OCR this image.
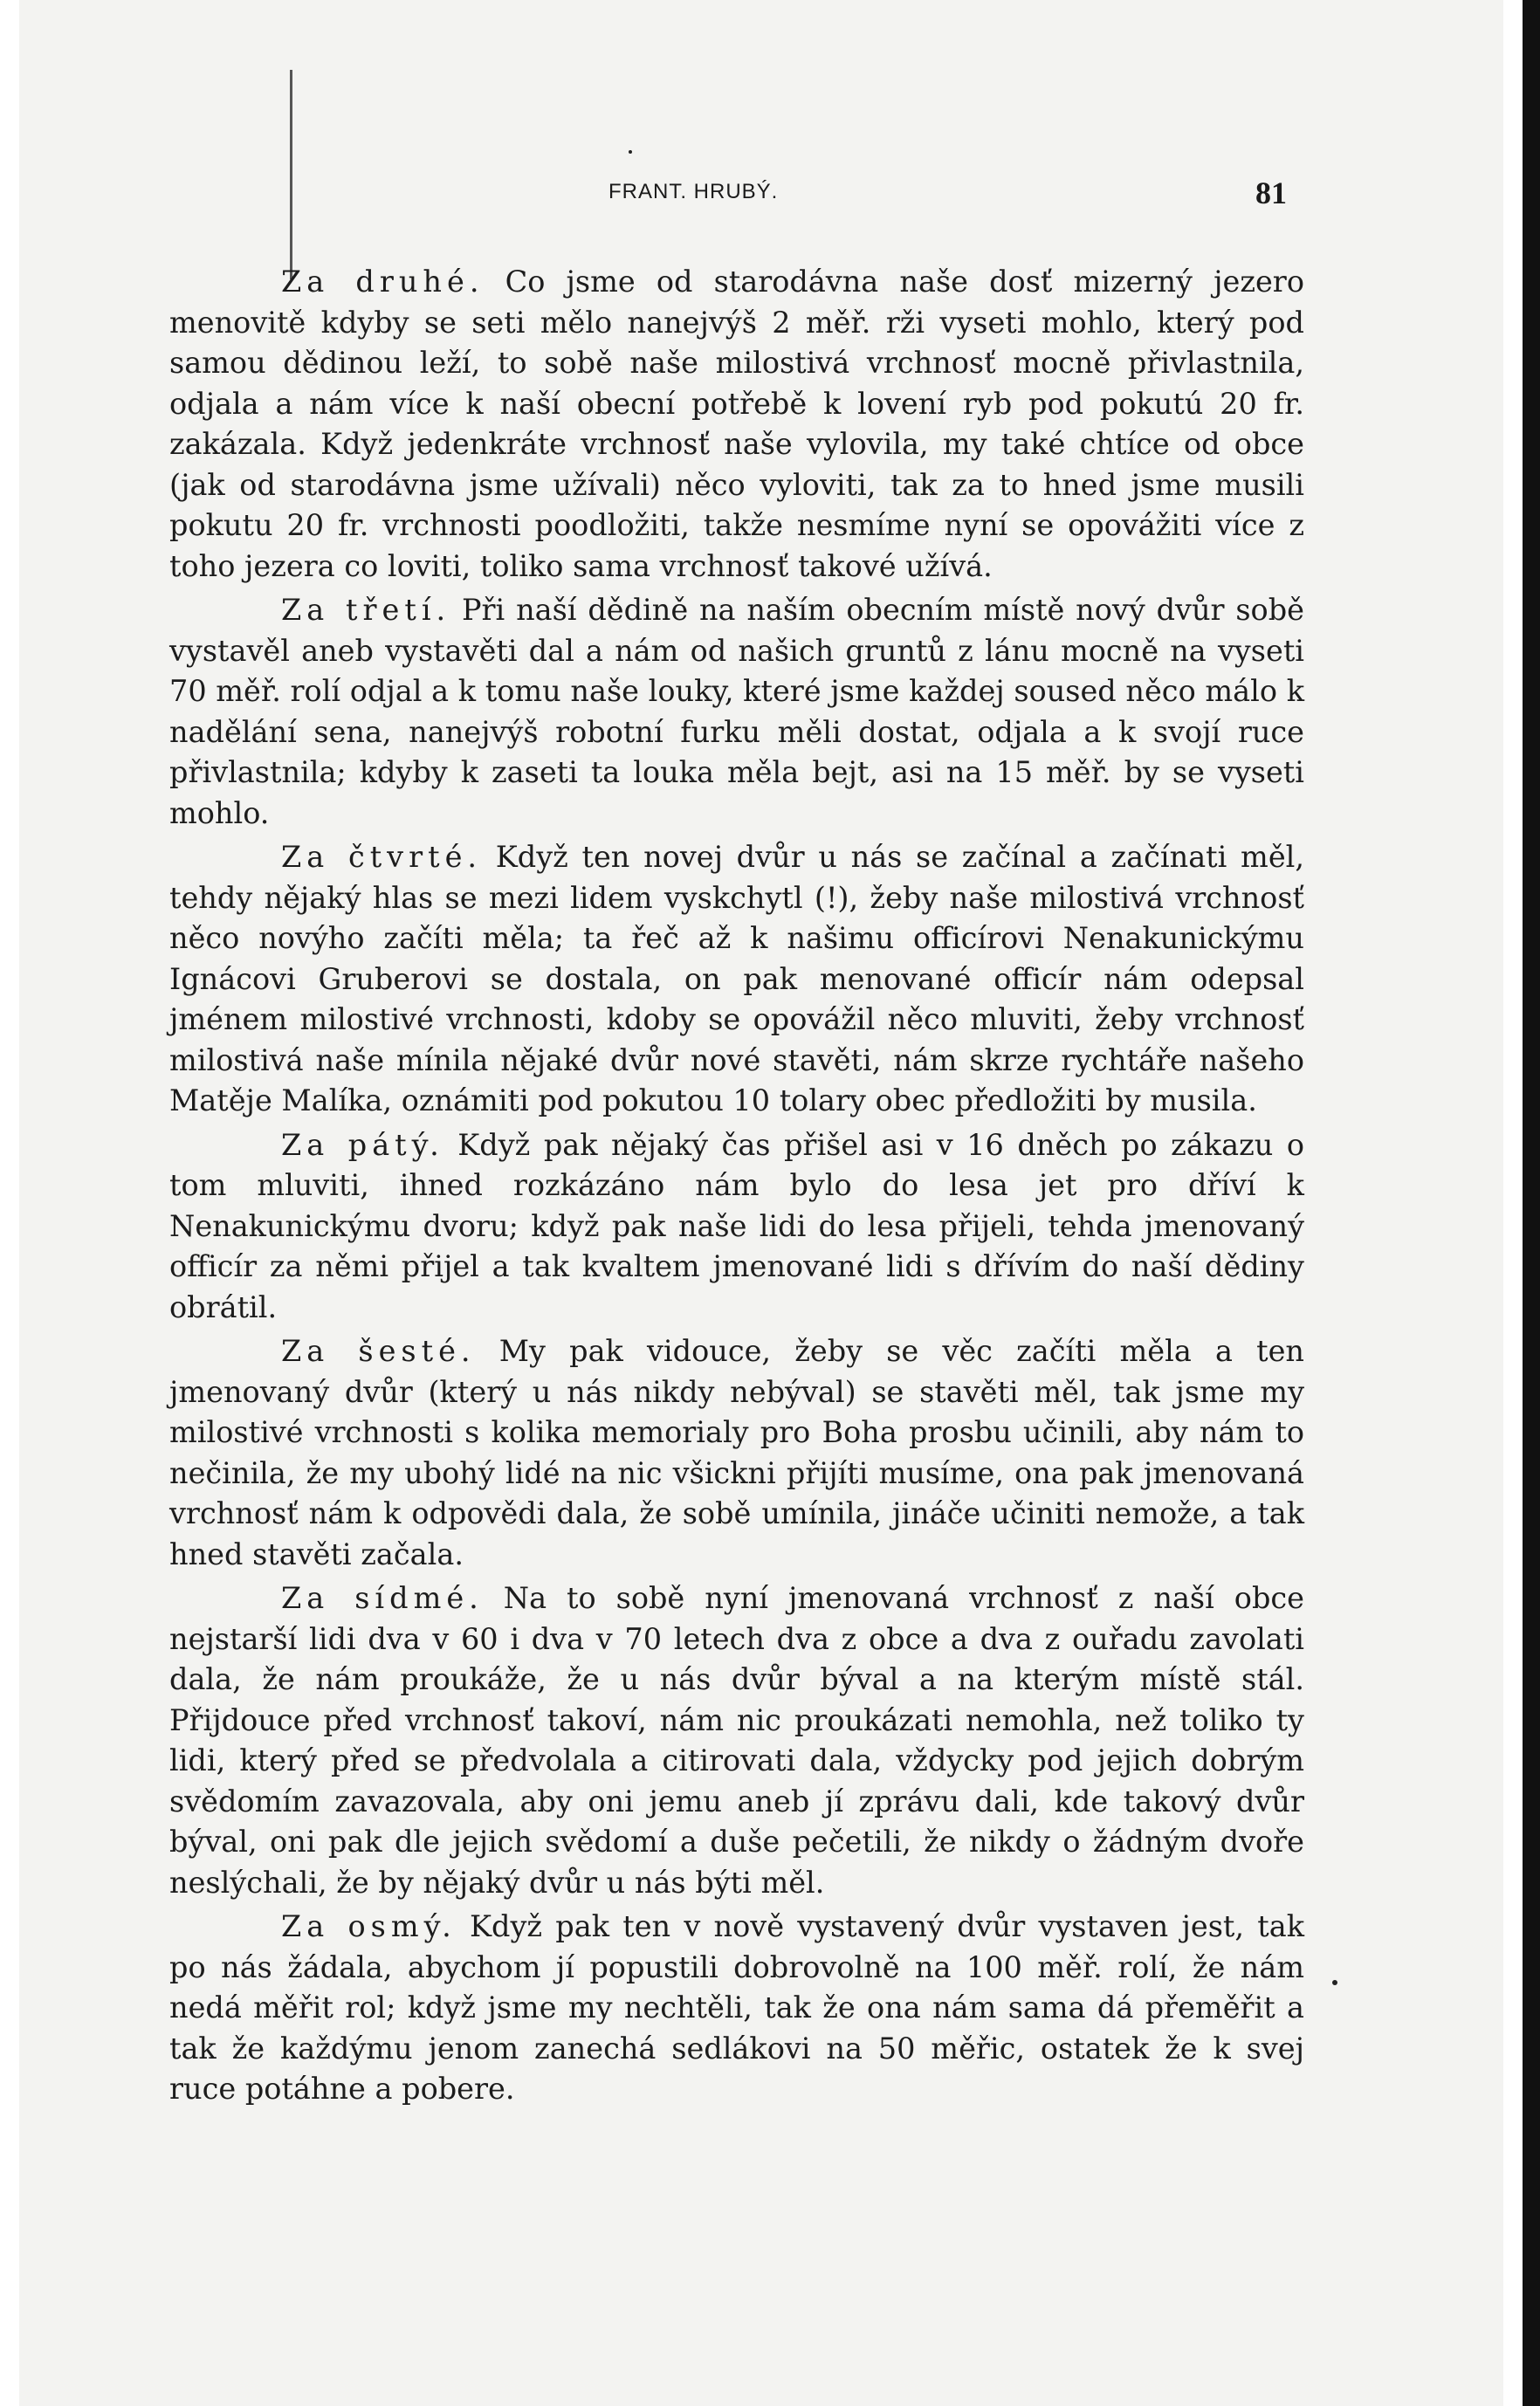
FRANT. HRUBÝ.	81

Za druhé. Co jsme od starodávna naše dosť mizerný jezero menovitě kdyby se seti mělo nanejvýš 2 měř. rži vyseti mohlo, který pod samou dědinou leží, to sobě naše milostivá vrchnosť mocně přivlastnila, odjala a nám více k naší obecní potřebě k lovení ryb pod pokutú 20 fr. zakázala. Když jedenkráte vrchnosť naše vylovila, my také chtíce od obce (jak od starodávna jsme užívali) něco vyloviti, tak za to hned jsme musili pokutu 20 fr. vrchnosti poodložiti, takže nesmíme nyní se opovážiti více z toho jezera co loviti, toliko sama vrchnosť takové užívá.

Za třetí. Při naší dědině na naším obecním místě nový dvůr sobě vystavěl aneb vystavěti dal a nám od našich gruntů z lánu mocně na vyseti 70 měř. rolí odjal a k tomu naše louky, které jsme každej soused něco málo k nadělání sena, nanejvýš robotní furku měli dostat, odjala a k svojí ruce přivlastnila; kdyby k zaseti ta louka měla bejt, asi na 15 měř. by se vyseti mohlo.

Za čtvrté. Když ten novej dvůr u nás se začínal a začínati měl, tehdy nějaký hlas se mezi lidem vyskchytl (!), žeby naše milostivá vrchnosť něco novýho začíti měla; ta řeč až k našimu officírovi Nenakunickýmu Ignácovi Gruberovi se dostala, on pak menované officír nám odepsal jménem milostivé vrchnosti, kdoby se opovážil něco mluviti, žeby vrchnosť milostivá naše mínila nějaké dvůr nové stavěti, nám skrze rychtáře našeho Matěje Malíka, oznámiti pod pokutou 10 tolary obec předložiti by musila.

Za pátý. Když pak nějaký čas přišel asi v 16 dněch po zákazu o tom mluviti, ihned rozkázáno nám bylo do lesa jet pro dříví k Nenakunickýmu dvoru; když pak naše lidi do lesa přijeli, tehda jmenovaný officír za němi přijel a tak kvaltem jmenované lidi s dřívím do naší dědiny obrátil.

Za šesté. My pak vidouce, žeby se věc začíti měla a ten jmenovaný dvůr (který u nás nikdy nebýval) se stavěti měl, tak jsme my milostivé vrchnosti s kolika memorialy pro Boha prosbu učinili, aby nám to nečinila, že my ubohý lidé na nic všickni přijíti musíme, ona pak jmenovaná vrchnosť nám k odpovědi dala, že sobě umínila, jináče učiniti nemože, a tak hned stavěti začala.

Za sídmé. Na to sobě nyní jmenovaná vrchnosť z naší obce nejstarší lidi dva v 60 i dva v 70 letech dva z obce a dva z ouřadu zavolati dala, že nám proukáže, že u nás dvůr býval a na kterým místě stál. Přijdouce před vrchnosť takoví, nám nic proukázati nemohla, než toliko ty lidi, který před se předvolala a citirovati dala, vždycky pod jejich dobrým svědomím zavazovala, aby oni jemu aneb jí zprávu dali, kde takový dvůr býval, oni pak dle jejich svědomí a duše pečetili, že nikdy o žádným dvoře neslýchali, že by nějaký dvůr u nás býti měl.

Za osmý. Když pak ten v nově vystavený dvůr vystaven jest, tak po nás žádala, abychom jí popustili dobrovolně na 100 měř. rolí, že nám nedá měřit rol; když jsme my nechtěli, tak že ona nám sama dá přeměřit a tak že každýmu jenom zanechá sedlákovi na 50 měřic, ostatek že k svej ruce potáhne a pobere.
